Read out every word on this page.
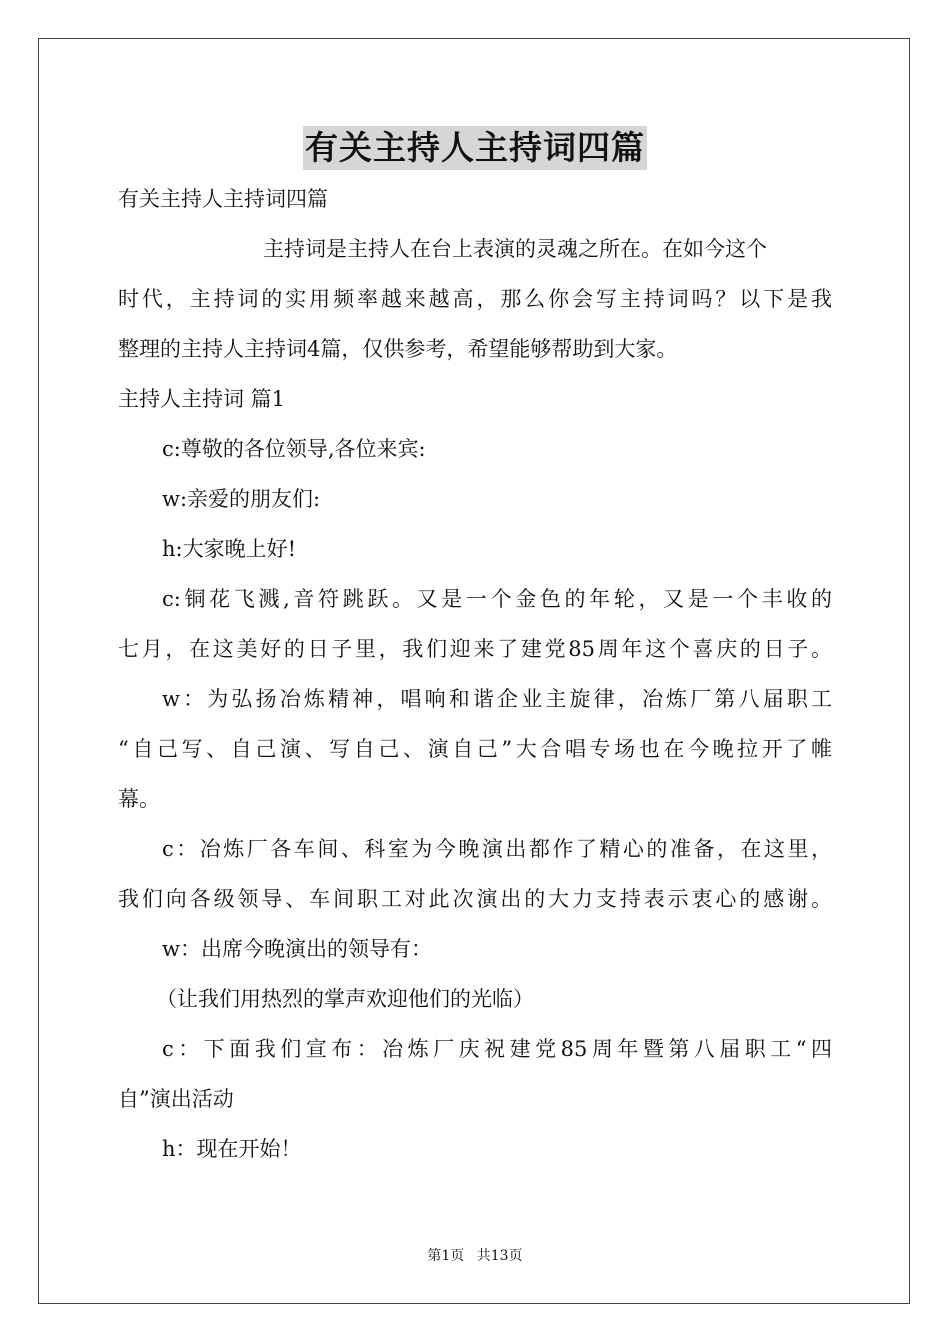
有关主持人主持词四篇
有关主持人主持词四篇
主持词是主持人在台上表演的灵魂之所在。在如今这个
时代，主持词的实用频率越来越高，那么你会写主持词吗？以下是我
整理的主持人主持词4篇，仅供参考，希望能够帮助到大家。
主持人主持词 篇1
c:尊敬的各位领导,各位来宾:
w:亲爱的朋友们:
h:大家晚上好!
c:铜花飞溅,音符跳跃。又是一个金色的年轮，又是一个丰收的
七月，在这美好的日子里，我们迎来了建党85周年这个喜庆的日子。
w：为弘扬冶炼精神，唱响和谐企业主旋律，冶炼厂第八届职工
“自己写、自己演、写自己、演自己”大合唱专场也在今晚拉开了帷
幕。
c：冶炼厂各车间、科室为今晚演出都作了精心的准备，在这里，
我们向各级领导、车间职工对此次演出的大力支持表示衷心的感谢。
w：出席今晚演出的领导有：
（让我们用热烈的掌声欢迎他们的光临）
c：下面我们宣布：冶炼厂庆祝建党85周年暨第八届职工“四
自”演出活动
h：现在开始！
第1页 共13页
